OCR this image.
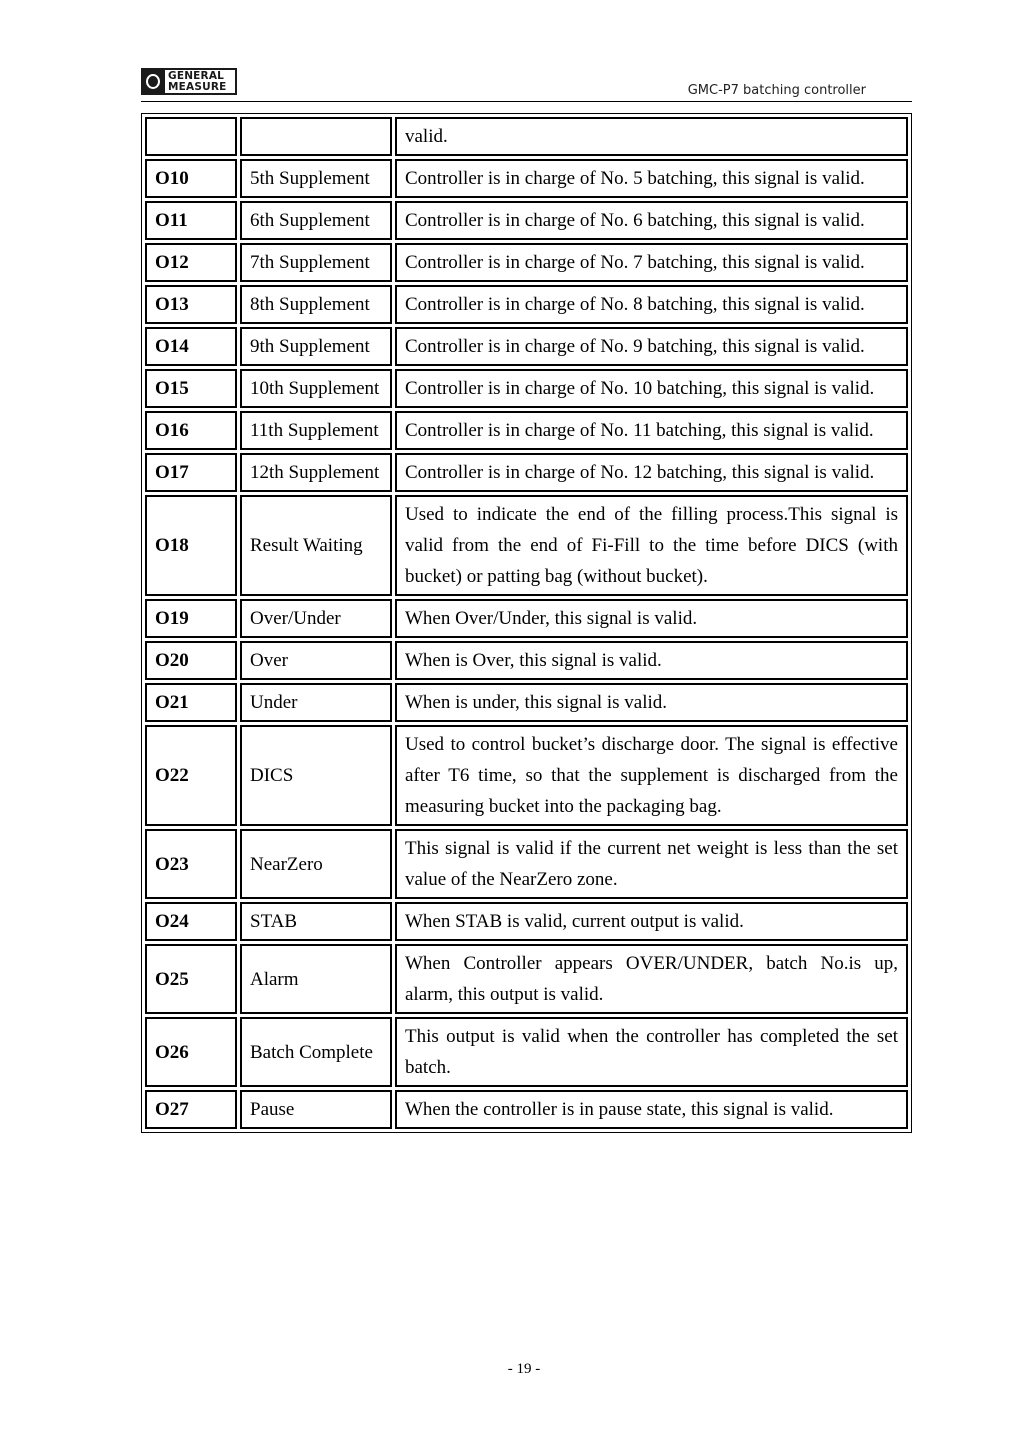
GENERAL
MEASURE	GMC-P7 batching controller
		valid.
O10	5th Supplement	Controller is in charge of No. 5 batching, this signal is valid.
O11	6th Supplement	Controller is in charge of No. 6 batching, this signal is valid.
O12	7th Supplement	Controller is in charge of No. 7 batching, this signal is valid.
O13	8th Supplement	Controller is in charge of No. 8 batching, this signal is valid.
O14	9th Supplement	Controller is in charge of No. 9 batching, this signal is valid.
O15	10th Supplement	Controller is in charge of No. 10 batching, this signal is valid.
O16	11th Supplement	Controller is in charge of No. 11 batching, this signal is valid.
O17	12th Supplement	Controller is in charge of No. 12 batching, this signal is valid.
O18	Result Waiting	Used to indicate the end of the filling process.This signal is valid from the end of Fi-Fill to the time before DICS (with bucket) or patting bag (without bucket).
O19	Over/Under	When Over/Under, this signal is valid.
O20	Over	When is Over, this signal is valid.
O21	Under	When is under, this signal is valid.
O22	DICS	Used to control bucket’s discharge door. The signal is effective after T6 time, so that the supplement is discharged from the measuring bucket into the packaging bag.
O23	NearZero	This signal is valid if the current net weight is less than the set value of the NearZero zone.
O24	STAB	When STAB is valid, current output is valid.
O25	Alarm	When Controller appears OVER/UNDER, batch No.is up, alarm, this output is valid.
O26	Batch Complete	This output is valid when the controller has completed the set batch.
O27	Pause	When the controller is in pause state, this signal is valid.
- 19 -
